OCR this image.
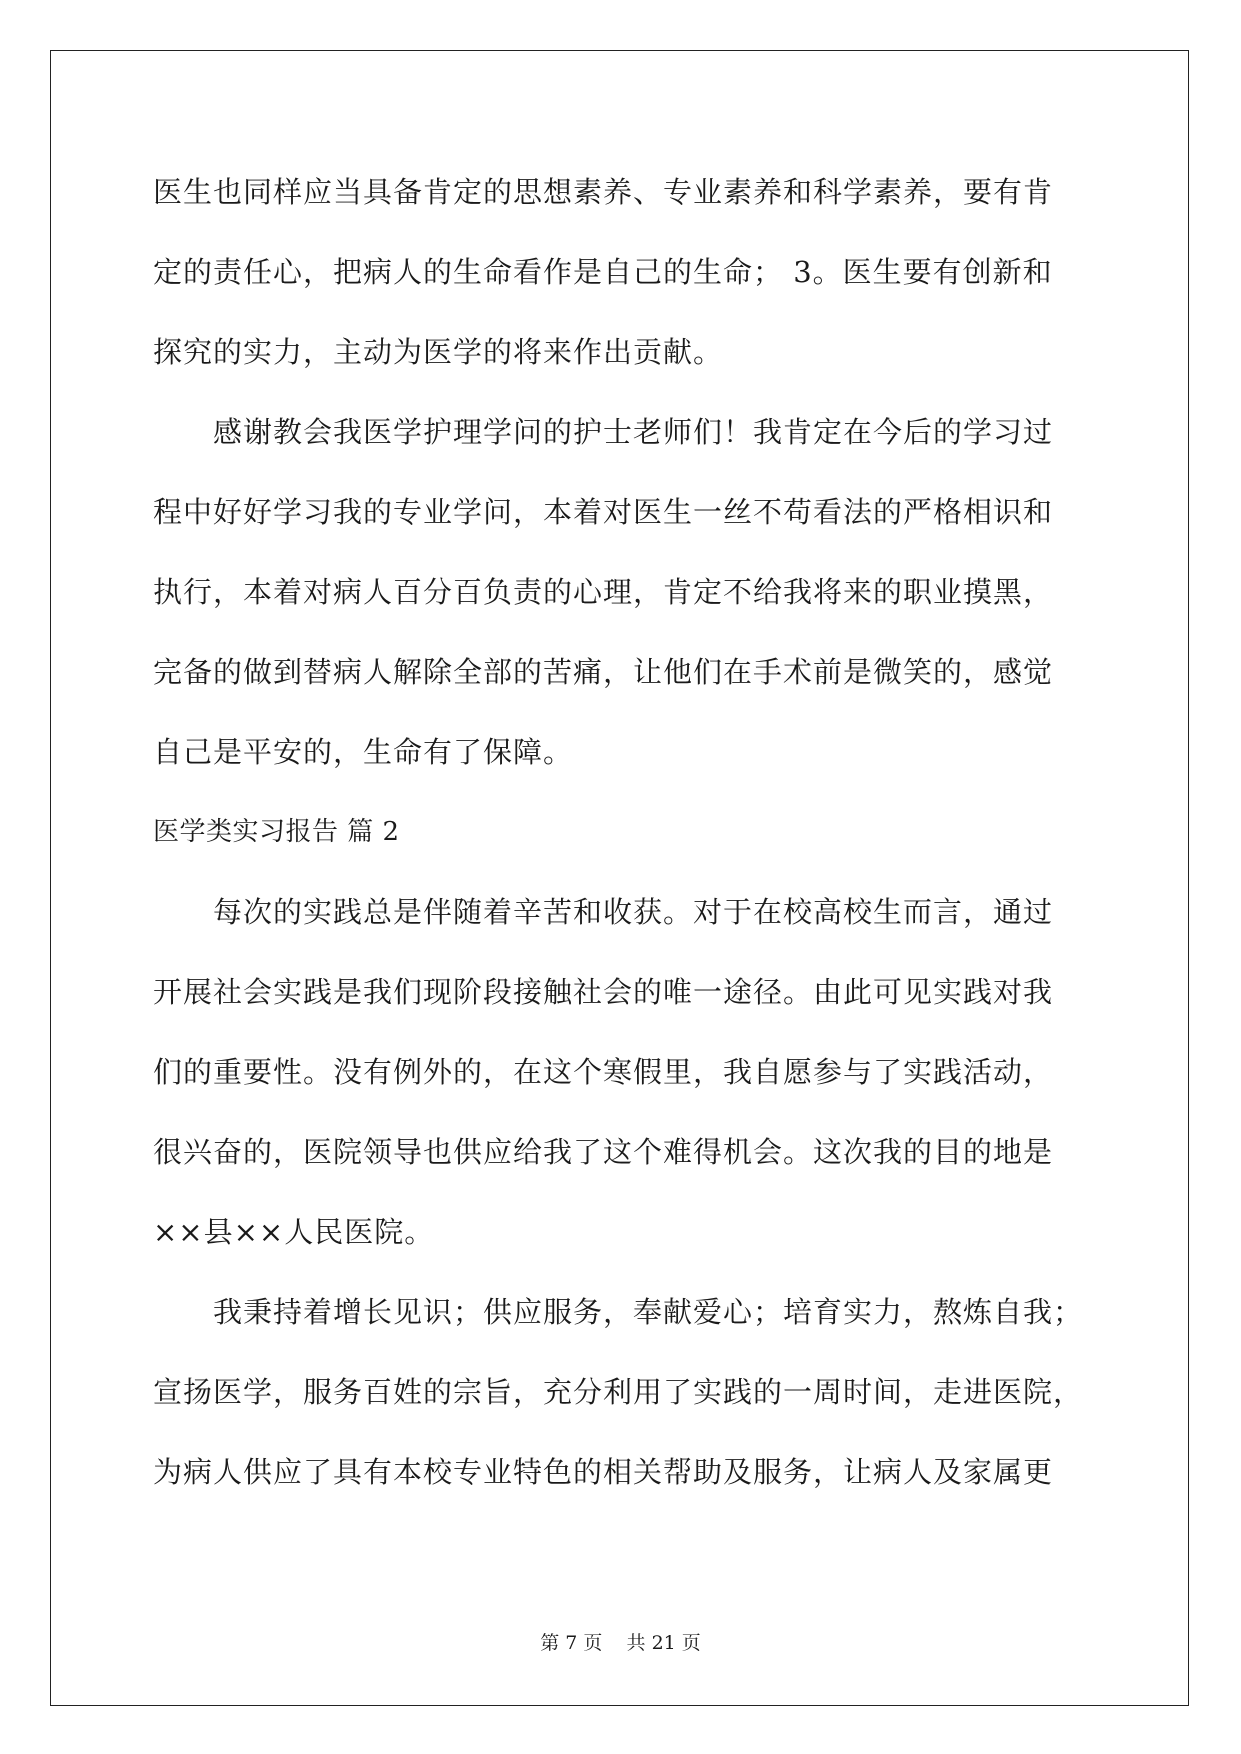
医生也同样应当具备肯定的思想素养、专业素养和科学素养，要有肯
定的责任心，把病人的生命看作是自己的生命； 3。医生要有创新和
探究的实力，主动为医学的将来作出贡献。
感谢教会我医学护理学问的护士老师们！我肯定在今后的学习过
程中好好学习我的专业学问，本着对医生一丝不苟看法的严格相识和
执行，本着对病人百分百负责的心理，肯定不给我将来的职业摸黑，
完备的做到替病人解除全部的苦痛，让他们在手术前是微笑的，感觉
自己是平安的，生命有了保障。
医学类实习报告 篇 2
每次的实践总是伴随着辛苦和收获。对于在校高校生而言，通过
开展社会实践是我们现阶段接触社会的唯一途径。由此可见实践对我
们的重要性。没有例外的，在这个寒假里，我自愿参与了实践活动，
很兴奋的，医院领导也供应给我了这个难得机会。这次我的目的地是
××县××人民医院。
我秉持着增长见识；供应服务，奉献爱心；培育实力，熬炼自我；
宣扬医学，服务百姓的宗旨，充分利用了实践的一周时间，走进医院，
为病人供应了具有本校专业特色的相关帮助及服务，让病人及家属更
第 7 页    共 21 页
